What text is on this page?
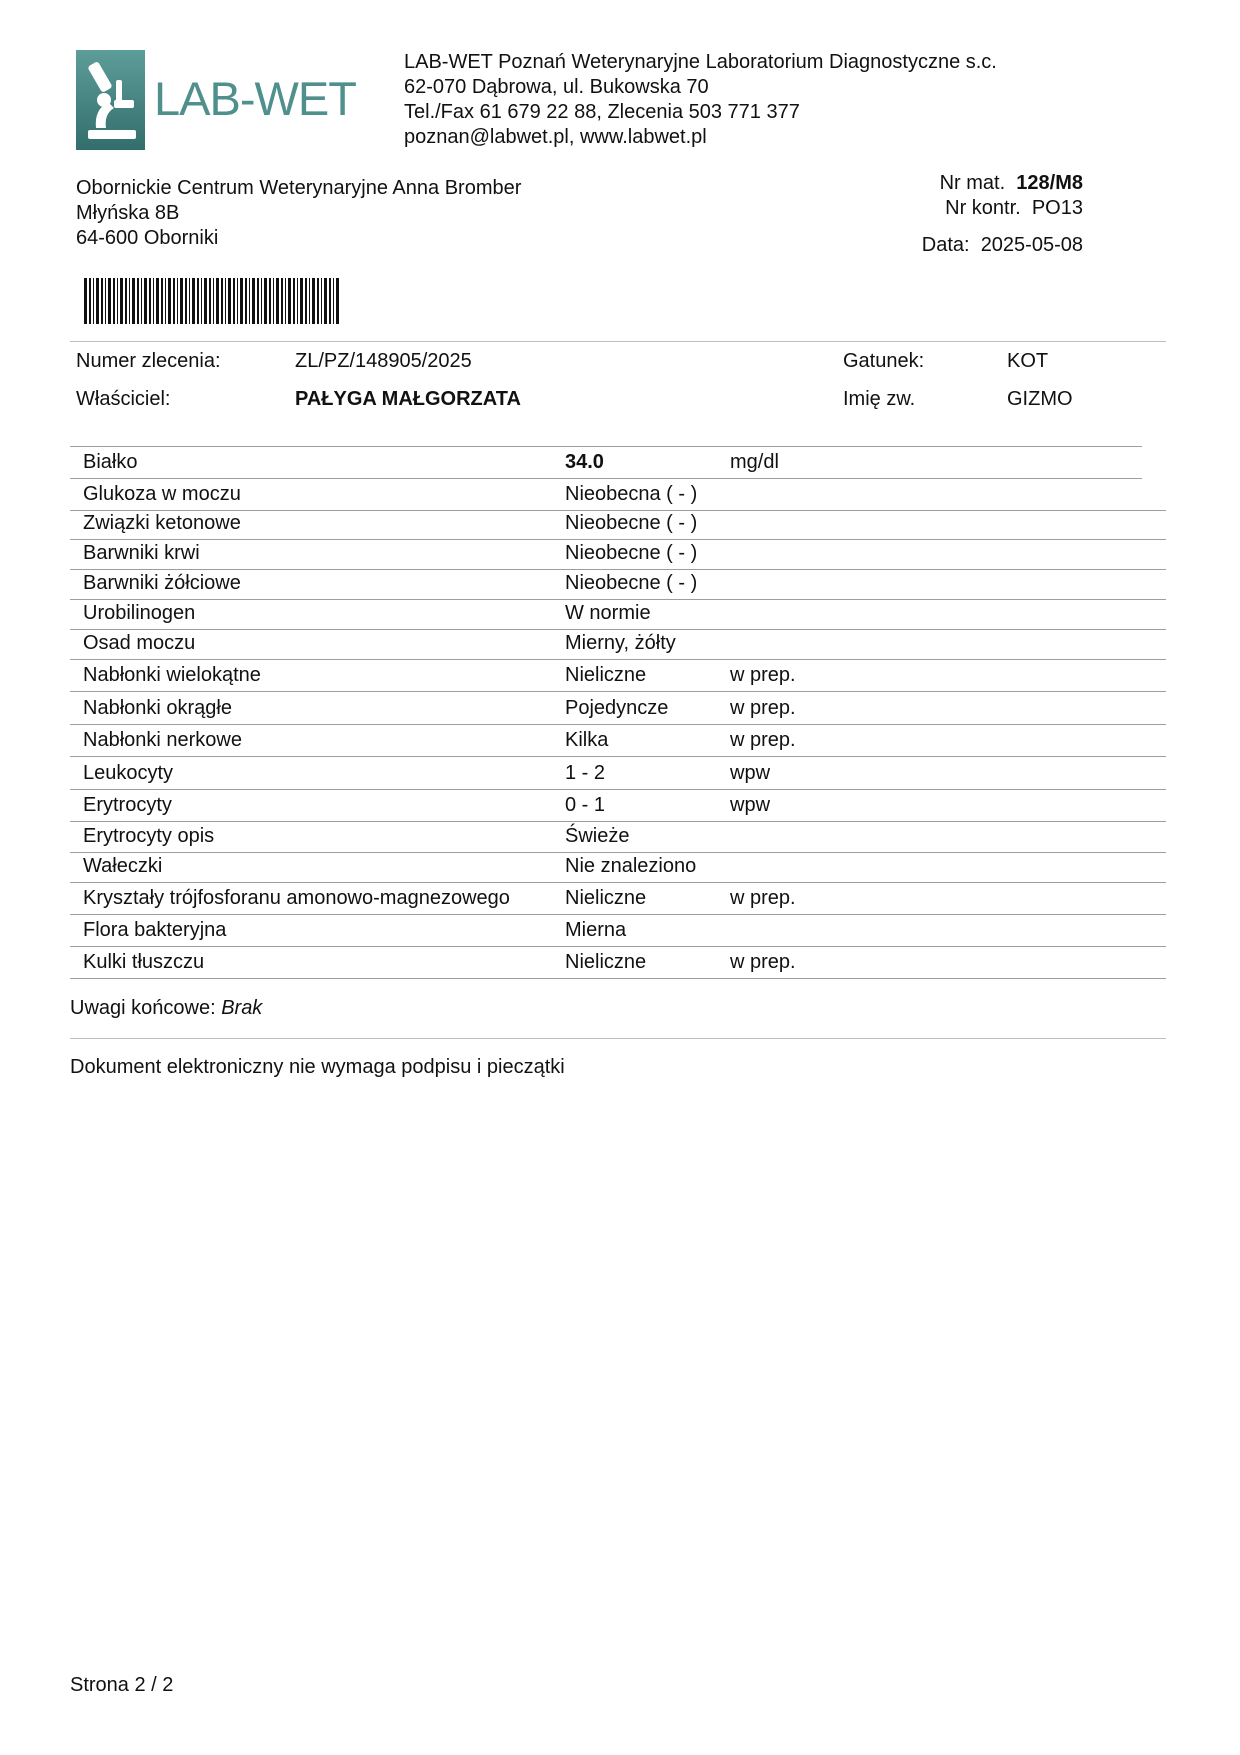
LAB-WET
LAB-WET Poznań Weterynaryjne Laboratorium Diagnostyczne s.c.
62-070 Dąbrowa, ul. Bukowska 70
Tel./Fax 61 679 22 88, Zlecenia 503 771 377
poznan@labwet.pl, www.labwet.pl
Obornickie Centrum Weterynaryjne Anna Bromber
Młyńska 8B
64-600 Oborniki
Nr mat. 128/M8
Nr kontr. PO13
Data: 2025-05-08
Numer zlecenia:	ZL/PZ/148905/2025	Gatunek:	KOT
Właściciel:	PAŁYGA MAŁGORZATA	Imię zw.	GIZMO
Białko	34.0	mg/dl
Glukoza w moczu	Nieobecna ( - )
Związki ketonowe	Nieobecne ( - )
Barwniki krwi	Nieobecne ( - )
Barwniki żółciowe	Nieobecne ( - )
Urobilinogen	W normie
Osad moczu	Mierny, żółty
Nabłonki wielokątne	Nieliczne	w prep.
Nabłonki okrągłe	Pojedyncze	w prep.
Nabłonki nerkowe	Kilka	w prep.
Leukocyty	1 - 2	wpw
Erytrocyty	0 - 1	wpw
Erytrocyty opis	Świeże
Wałeczki	Nie znaleziono
Kryształy trójfosforanu amonowo-magnezowego	Nieliczne	w prep.
Flora bakteryjna	Mierna
Kulki tłuszczu	Nieliczne	w prep.
Uwagi końcowe: Brak
Dokument elektroniczny nie wymaga podpisu i pieczątki
Strona 2 / 2
